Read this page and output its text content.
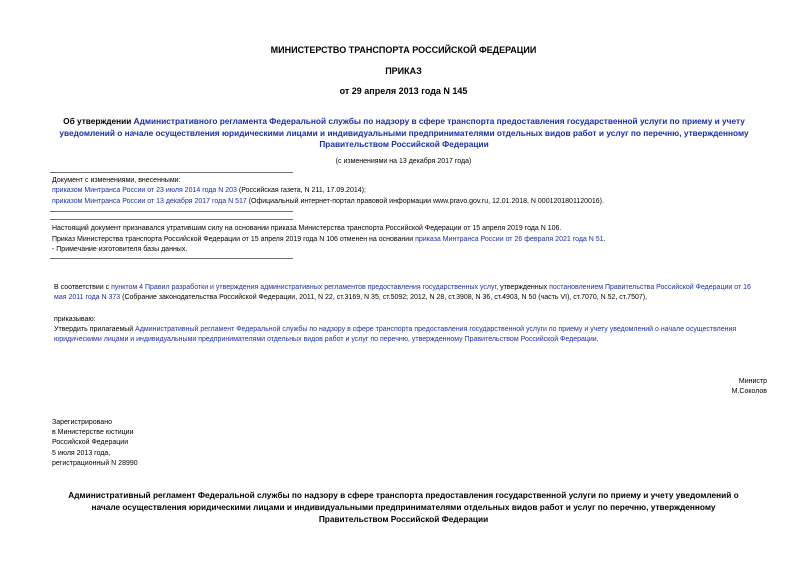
МИНИСТЕРСТВО ТРАНСПОРТА РОССИЙСКОЙ ФЕДЕРАЦИИ
ПРИКАЗ
от 29 апреля 2013 года N 145
Об утверждении Административного регламента Федеральной службы по надзору в сфере транспорта предоставления государственной услуги по приему и учету уведомлений о начале осуществления юридическими лицами и индивидуальными предпринимателями отдельных видов работ и услуг по перечню, утвержденному Правительством Российской Федерации
(с изменениями на 13 декабря 2017 года)
Документ с изменениями, внесенными:
приказом Минтранса России от 23 июля 2014 года N 203 (Российская газета, N 211, 17.09.2014);
приказом Минтранса России от 13 декабря 2017 года N 517 (Официальный интернет-портал правовой информации www.pravo.gov.ru, 12.01.2018, N 0001201801120016).
Настоящий документ признавался утратившим силу на основании приказа Министерства транспорта Российской Федерации от 15 апреля 2019 года N 106.
Приказ Министерства транспорта Российской Федерации от 15 апреля 2019 года N 106 отменен на основании приказа Минтранса России от 26 февраля 2021 года N 51.
- Примечание изготовителя базы данных.
В соответствии с пунктом 4 Правил разработки и утверждения административных регламентов предоставления государственных услуг, утвержденных постановлением Правительства Российской Федерации от 16
мая 2011 года N 373 (Собрание законодательства Российской Федерации, 2011, N 22, ст.3169, N 35, ст.5092; 2012, N 28, ст.3908, N 36, ст.4903, N 50 (часть VI), ст.7070, N 52, ст.7507),
приказываю:
Утвердить прилагаемый Административный регламент Федеральной службы по надзору в сфере транспорта предоставления государственной услуги по приему и учету уведомлений о начале осуществления
юридическими лицами и индивидуальными предпринимателями отдельных видов работ и услуг по перечню, утвержденному Правительством Российской Федерации.
Министр
М.Соколов
Зарегистрировано
в Министерстве юстиции
Российской Федерации
5 июля 2013 года,
регистрационный N 28990
Административный регламент Федеральной службы по надзору в сфере транспорта предоставления государственной услуги по приему и учету уведомлений о
начале осуществления юридическими лицами и индивидуальными предпринимателями отдельных видов работ и услуг по перечню, утвержденному
Правительством Российской Федерации
